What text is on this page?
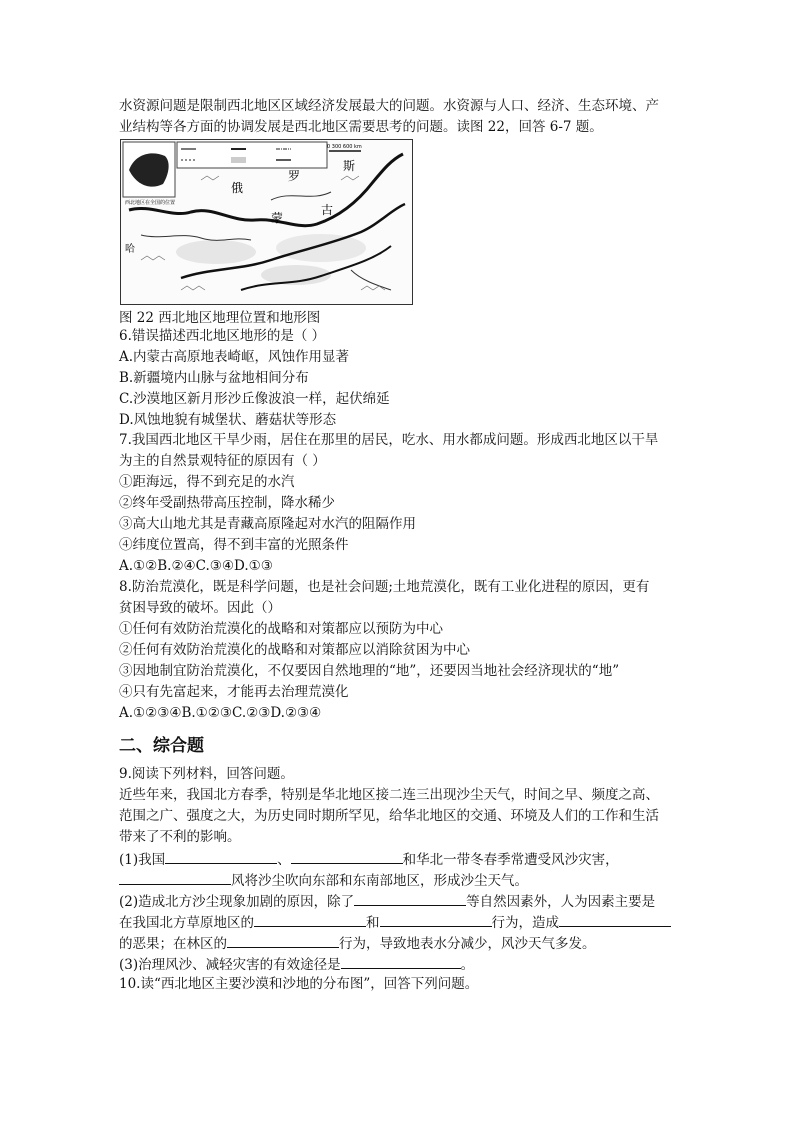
水资源问题是限制西北地区区域经济发展最大的问题。水资源与人口、经济、生态环境、产
业结构等各方面的协调发展是西北地区需要思考的问题。读图 22，回答 6-7 题。
俄
罗
斯
蒙
古
哈
西北地区在全国的位置
0 300 600 km
图 22 西北地区地理位置和地形图
6.错误描述西北地区地形的是（ ）
A.内蒙古高原地表崎岖，风蚀作用显著
B.新疆境内山脉与盆地相间分布
C.沙漠地区新月形沙丘像波浪一样，起伏绵延
D.风蚀地貌有城堡状、蘑菇状等形态
7.我国西北地区干旱少雨，居住在那里的居民，吃水、用水都成问题。形成西北地区以干旱
为主的自然景观特征的原因有（ ）
①距海远，得不到充足的水汽
②终年受副热带高压控制，降水稀少
③高大山地尤其是青藏高原隆起对水汽的阻隔作用
④纬度位置高，得不到丰富的光照条件
A.①②B.②④C.③④D.①③
8.防治荒漠化，既是科学问题，也是社会问题;土地荒漠化，既有工业化进程的原因，更有
贫困导致的破坏。因此（）
①任何有效防治荒漠化的战略和对策都应以预防为中心
②任何有效防治荒漠化的战略和对策都应以消除贫困为中心
③因地制宜防治荒漠化，不仅要因自然地理的“地”，还要因当地社会经济现状的“地”
④只有先富起来，才能再去治理荒漠化
A.①②③④B.①②③C.②③D.②③④
二、综合题
9.阅读下列材料，回答问题。
近些年来，我国北方春季，特别是华北地区接二连三出现沙尘天气，时间之早、频度之高、
范围之广、强度之大，为历史同时期所罕见，给华北地区的交通、环境及人们的工作和生活
带来了不利的影响。
(1)我国	、	和华北一带冬春季常遭受风沙灾害，
风将沙尘吹向东部和东南部地区，形成沙尘天气。
(2)造成北方沙尘现象加剧的原因，除了	等自然因素外，人为因素主要是
在我国北方草原地区的	和	行为，造成
的恶果；在林区的	行为，导致地表水分减少，风沙天气多发。
(3)治理风沙、减轻灾害的有效途径是	。
10.读“西北地区主要沙漠和沙地的分布图”，回答下列问题。
